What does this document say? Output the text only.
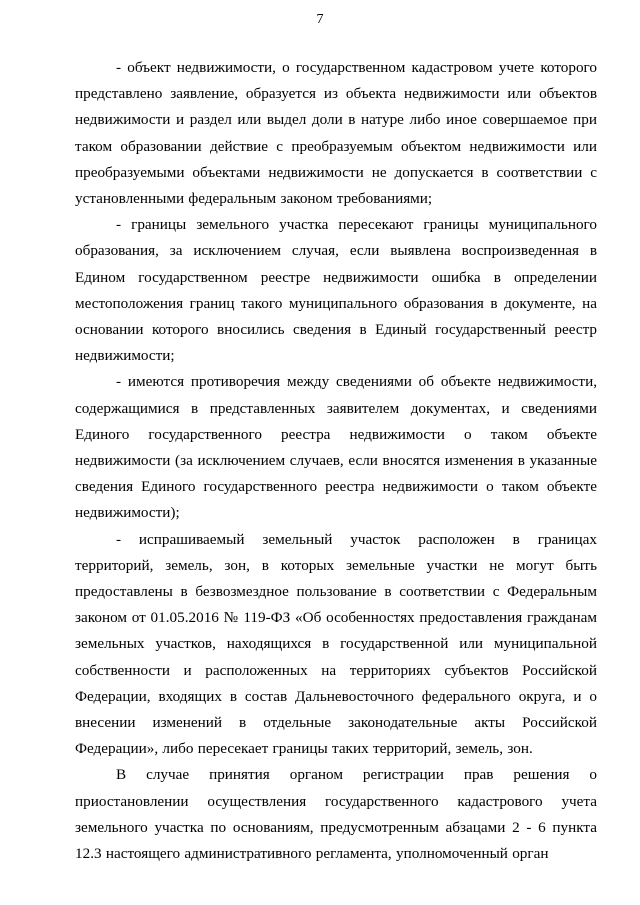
7

- объект недвижимости, о государственном кадастровом учете которого представлено заявление, образуется из объекта недвижимости или объектов недвижимости и раздел или выдел доли в натуре либо иное совершаемое при таком образовании действие с преобразуемым объектом недвижимости или преобразуемыми объектами недвижимости не допускается в соответствии с установленными федеральным законом требованиями;

- границы земельного участка пересекают границы муниципального образования, за исключением случая, если выявлена воспроизведенная в Едином государственном реестре недвижимости ошибка в определении местоположения границ такого муниципального образования в документе, на основании которого вносились сведения в Единый государственный реестр недвижимости;

- имеются противоречия между сведениями об объекте недвижимости, содержащимися в представленных заявителем документах, и сведениями Единого государственного реестра недвижимости о таком объекте недвижимости (за исключением случаев, если вносятся изменения в указанные сведения Единого государственного реестра недвижимости о таком объекте недвижимости);

- испрашиваемый земельный участок расположен в границах территорий, земель, зон, в которых земельные участки не могут быть предоставлены в безвозмездное пользование в соответствии с Федеральным законом от 01.05.2016 № 119-ФЗ «Об особенностях предоставления гражданам земельных участков, находящихся в государственной или муниципальной собственности и расположенных на территориях субъектов Российской Федерации, входящих в состав Дальневосточного федерального округа, и о внесении изменений в отдельные законодательные акты Российской Федерации», либо пересекает границы таких территорий, земель, зон.

В случае принятия органом регистрации прав решения о приостановлении осуществления государственного кадастрового учета земельного участка по основаниям, предусмотренным абзацами 2 - 6 пункта 12.3 настоящего административного регламента, уполномоченный орган
